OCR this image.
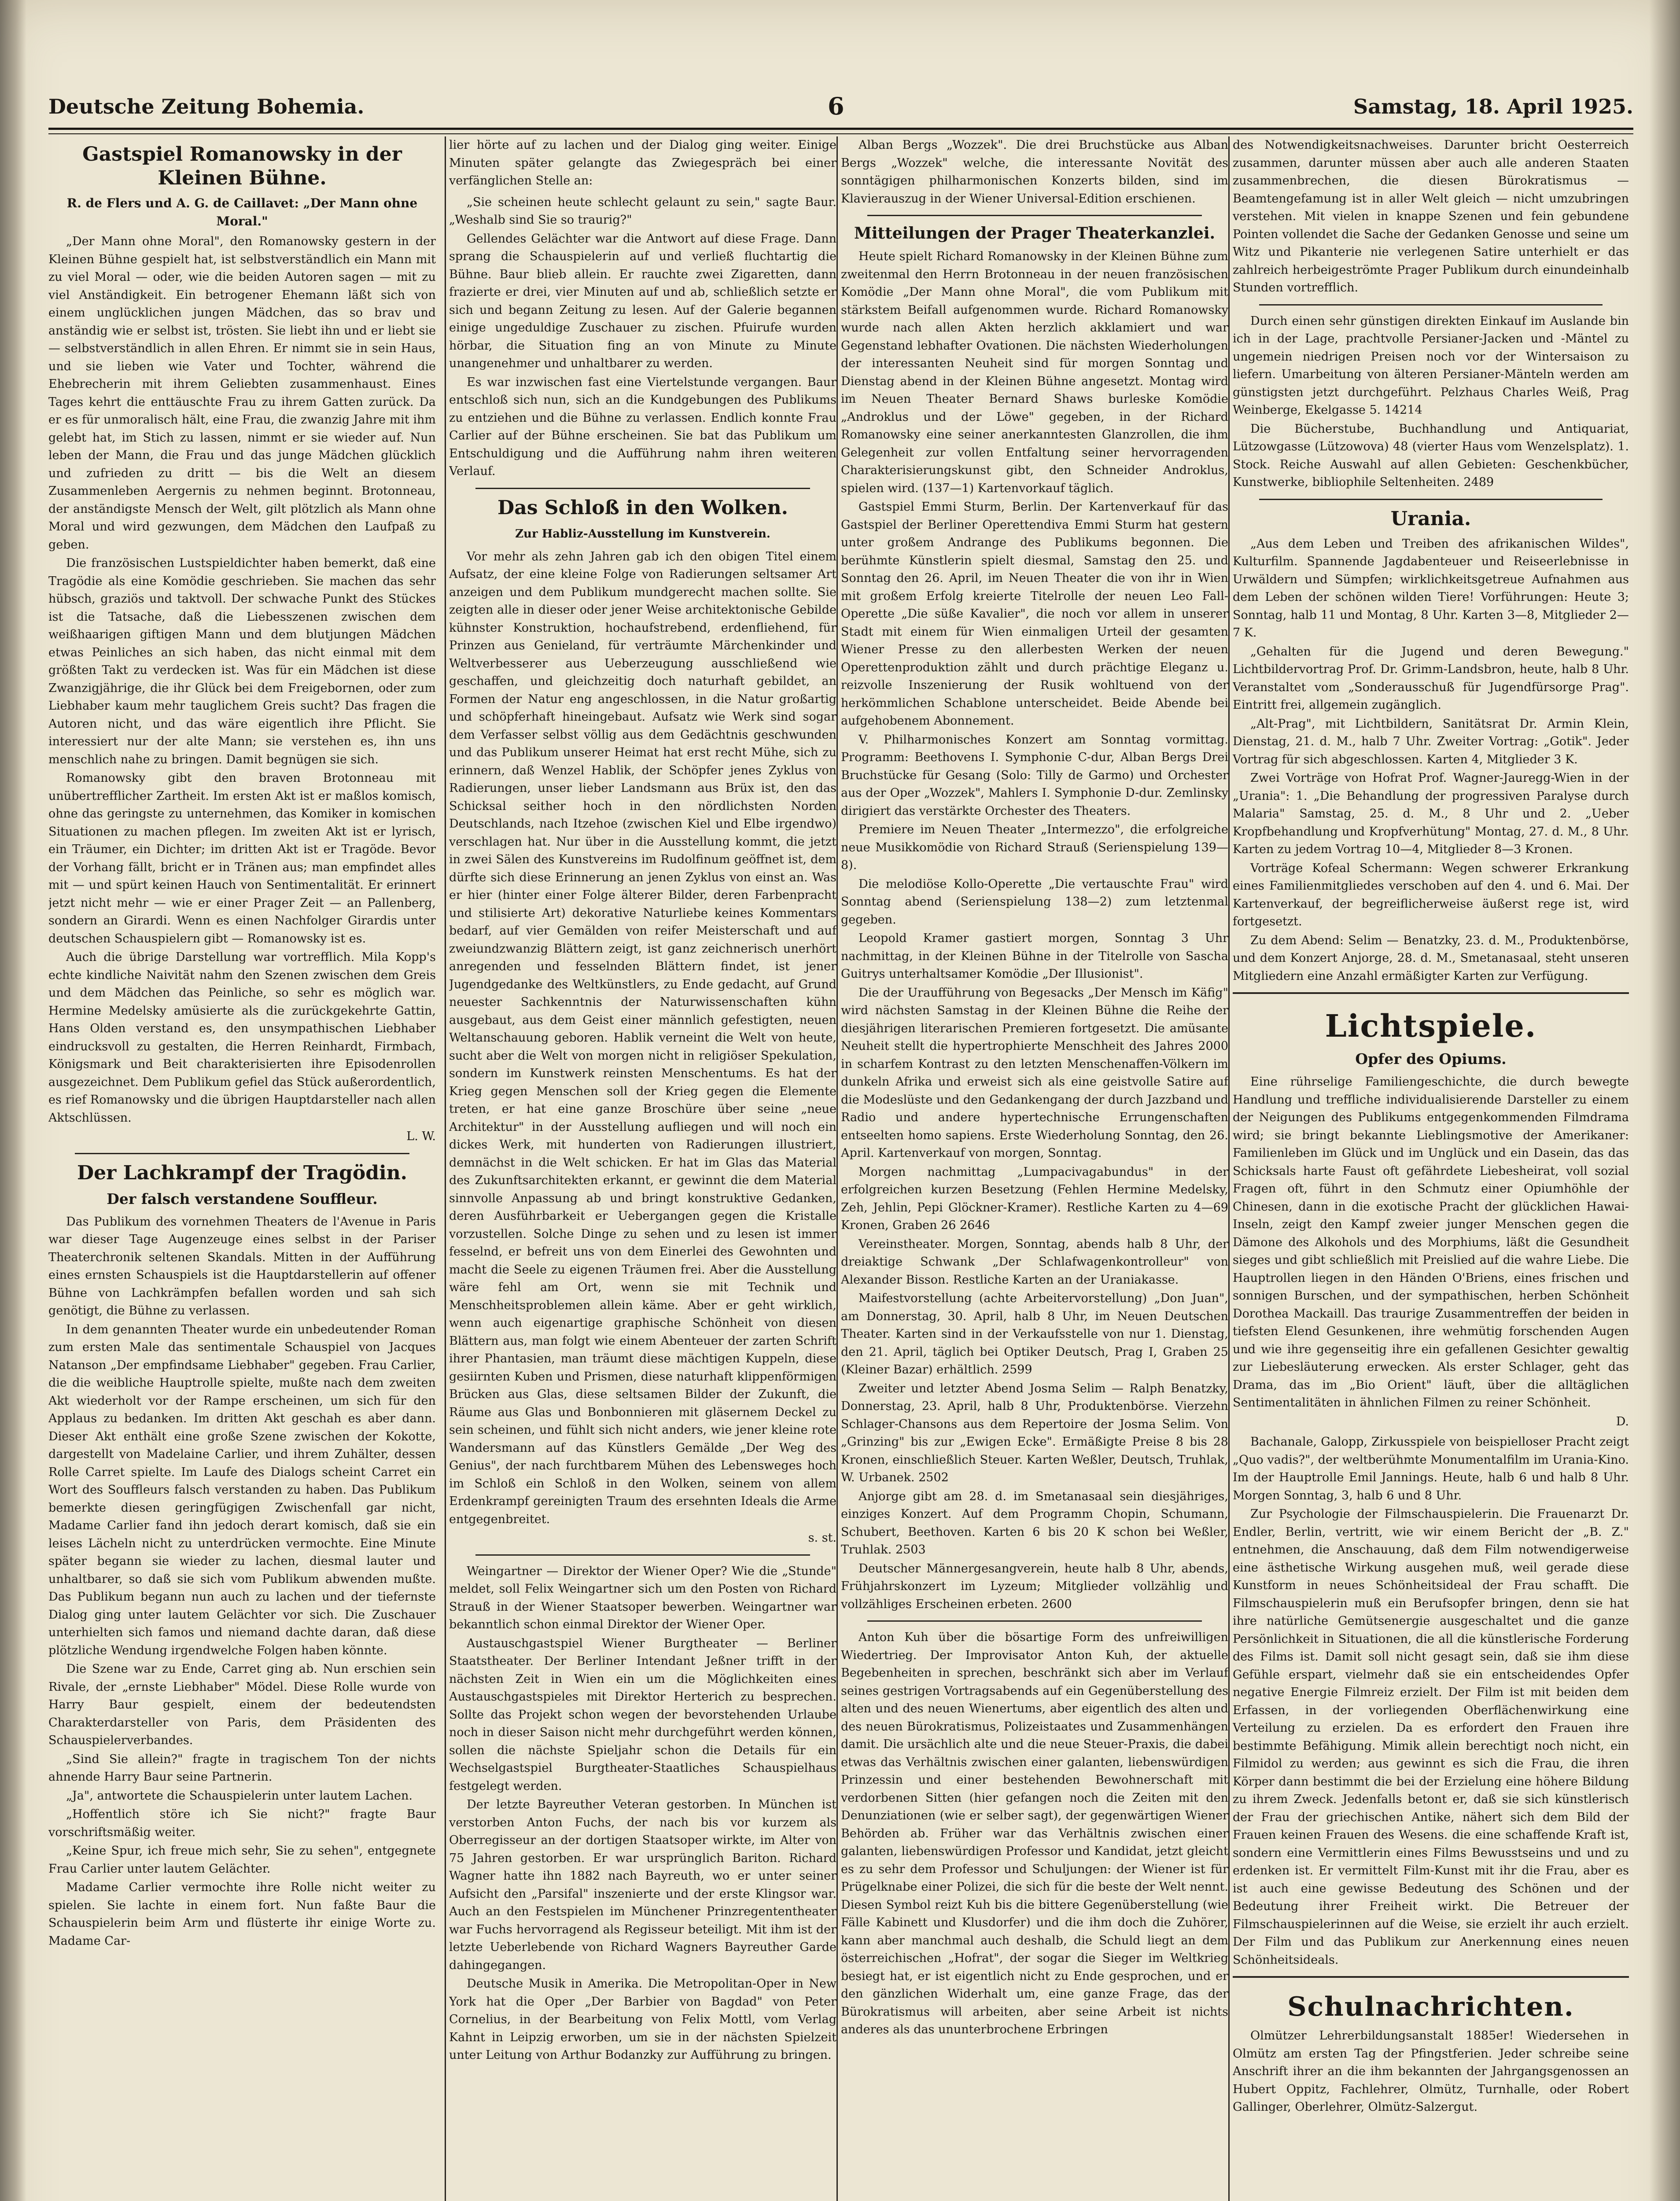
Deutsche Zeitung Bohemia.	6	Samstag, 18. April 1925.
Gastspiel Romanowsky in der Kleinen Bühne.
R. de Flers und A. G. de Caillavet: „Der Mann ohne Moral."

„Der Mann ohne Moral", den Romanowsky gestern in der Kleinen Bühne gespielt hat, ist selbstverständlich ein Mann mit zu viel Moral — oder, wie die beiden Autoren sagen — mit zu viel Anständigkeit. Ein betrogener Ehemann läßt sich von einem unglücklichen jungen Mädchen, das so brav und anständig wie er selbst ist, trösten. Sie liebt ihn und er liebt sie — selbstverständlich in allen Ehren. Er nimmt sie in sein Haus, und sie lieben wie Vater und Tochter, während die Ehebrecherin mit ihrem Geliebten zusammenhaust. Eines Tages kehrt die enttäuschte Frau zu ihrem Gatten zurück. Da er es für unmoralisch hält, eine Frau, die zwanzig Jahre mit ihm gelebt hat, im Stich zu lassen, nimmt er sie wieder auf. Nun leben der Mann, die Frau und das junge Mädchen glücklich und zufrieden zu dritt — bis die Welt an diesem Zusammenleben Aergernis zu nehmen beginnt. Brotonneau, der anständigste Mensch der Welt, gilt plötzlich als Mann ohne Moral und wird gezwungen, dem Mädchen den Laufpaß zu geben.

Die französischen Lustspieldichter haben bemerkt, daß eine Tragödie als eine Komödie geschrieben. Sie machen das sehr hübsch, graziös und taktvoll. Der schwache Punkt des Stückes ist die Tatsache, daß die Liebesszenen zwischen dem weißhaarigen giftigen Mann und dem blutjungen Mädchen etwas Peinliches an sich haben, das nicht einmal mit dem größten Takt zu verdecken ist. Was für ein Mädchen ist diese Zwanzigjährige, die ihr Glück bei dem Freigebornen, oder zum Liebhaber kaum mehr tauglichem Greis sucht? Das fragen die Autoren nicht, und das wäre eigentlich ihre Pflicht. Sie interessiert nur der alte Mann; sie verstehen es, ihn uns menschlich nahe zu bringen. Damit begnügen sie sich.

Romanowsky gibt den braven Brotonneau mit unübertrefflicher Zartheit. Im ersten Akt ist er maßlos komisch, ohne das geringste zu unternehmen, das Komiker in komischen Situationen zu machen pflegen. Im zweiten Akt ist er lyrisch, ein Träumer, ein Dichter; im dritten Akt ist er Tragöde. Bevor der Vorhang fällt, bricht er in Tränen aus; man empfindet alles mit — und spürt keinen Hauch von Sentimentalität. Er erinnert jetzt nicht mehr — wie er einer Prager Zeit — an Pallenberg, sondern an Girardi. Wenn es einen Nachfolger Girardis unter deutschen Schauspielern gibt — Romanowsky ist es.

Auch die übrige Darstellung war vortrefflich. Mila Kopp's echte kindliche Naivität nahm den Szenen zwischen dem Greis und dem Mädchen das Peinliche, so sehr es möglich war. Hermine Medelsky amüsierte als die zurückgekehrte Gattin, Hans Olden verstand es, den unsympathischen Liebhaber eindrucksvoll zu gestalten, die Herren Reinhardt, Firmbach, Königsmark und Beit charakterisierten ihre Episodenrollen ausgezeichnet. Dem Publikum gefiel das Stück außerordentlich, es rief Romanowsky und die übrigen Hauptdarsteller nach allen Aktschlüssen.

L. W.
Der Lachkrampf der Tragödin.
Der falsch verstandene Souffleur.

Das Publikum des vornehmen Theaters de l'Avenue in Paris war dieser Tage Augenzeuge eines selbst in der Pariser Theaterchronik seltenen Skandals. Mitten in der Aufführung eines ernsten Schauspiels ist die Hauptdarstellerin auf offener Bühne von Lachkrämpfen befallen worden und sah sich genötigt, die Bühne zu verlassen.

In dem genannten Theater wurde ein unbedeutender Roman zum ersten Male das sentimentale Schauspiel von Jacques Natanson „Der empfindsame Liebhaber" gegeben. Frau Carlier, die die weibliche Hauptrolle spielte, mußte nach dem zweiten Akt wiederholt vor der Rampe erscheinen, um sich für den Applaus zu bedanken. Im dritten Akt geschah es aber dann. Dieser Akt enthält eine große Szene zwischen der Kokotte, dargestellt von Madelaine Carlier, und ihrem Zuhälter, dessen Rolle Carret spielte. Im Laufe des Dialogs scheint Carret ein Wort des Souffleurs falsch verstanden zu haben. Das Publikum bemerkte diesen geringfügigen Zwischenfall gar nicht, Madame Carlier fand ihn jedoch derart komisch, daß sie ein leises Lächeln nicht zu unterdrücken vermochte. Eine Minute später begann sie wieder zu lachen, diesmal lauter und unhaltbarer, so daß sie sich vom Publikum abwenden mußte. Das Publikum begann nun auch zu lachen und der tiefernste Dialog ging unter lautem Gelächter vor sich. Die Zuschauer unterhielten sich famos und niemand dachte daran, daß diese plötzliche Wendung irgendwelche Folgen haben könnte.

Die Szene war zu Ende, Carret ging ab. Nun erschien sein Rivale, der „ernste Liebhaber" Mödel. Diese Rolle wurde von Harry Baur gespielt, einem der bedeutendsten Charakterdarsteller von Paris, dem Präsidenten des Schauspielerverbandes.

„Sind Sie allein?" fragte in tragischem Ton der nichts ahnende Harry Baur seine Partnerin.

„Ja", antwortete die Schauspielerin unter lautem Lachen.

„Hoffentlich störe ich Sie nicht?" fragte Baur vorschriftsmäßig weiter.

„Keine Spur, ich freue mich sehr, Sie zu sehen", entgegnete Frau Carlier unter lautem Gelächter.

Madame Carlier vermochte ihre Rolle nicht weiter zu spielen. Sie lachte in einem fort. Nun faßte Baur die Schauspielerin beim Arm und flüsterte ihr einige Worte zu. Madame Car-

lier hörte auf zu lachen und der Dialog ging weiter. Einige Minuten später gelangte das Zwiegespräch bei einer verfänglichen Stelle an:

„Sie scheinen heute schlecht gelaunt zu sein," sagte Baur. „Weshalb sind Sie so traurig?"

Gellendes Gelächter war die Antwort auf diese Frage. Dann sprang die Schauspielerin auf und verließ fluchtartig die Bühne. Baur blieb allein. Er rauchte zwei Zigaretten, dann frazierte er drei, vier Minuten auf und ab, schließlich setzte er sich und begann Zeitung zu lesen. Auf der Galerie begannen einige ungeduldige Zuschauer zu zischen. Pfuirufe wurden hörbar, die Situation fing an von Minute zu Minute unangenehmer und unhaltbarer zu werden.

Es war inzwischen fast eine Viertelstunde vergangen. Baur entschloß sich nun, sich an die Kundgebungen des Publikums zu entziehen und die Bühne zu verlassen. Endlich konnte Frau Carlier auf der Bühne erscheinen. Sie bat das Publikum um Entschuldigung und die Aufführung nahm ihren weiteren Verlauf.

Das Schloß in den Wolken.
Zur Habliz-Ausstellung im Kunstverein.

Vor mehr als zehn Jahren gab ich den obigen Titel einem Aufsatz, der eine kleine Folge von Radierungen seltsamer Art anzeigen und dem Publikum mundgerecht machen sollte. Sie zeigten alle in dieser oder jener Weise architektonische Gebilde kühnster Konstruktion, hochaufstrebend, erdenfliehend, für Prinzen aus Genieland, für verträumte Märchenkinder und Weltverbesserer aus Ueberzeugung ausschließend wie geschaffen, und gleichzeitig doch naturhaft gebildet, an Formen der Natur eng angeschlossen, in die Natur großartig und schöpferhaft hineingebaut. Aufsatz wie Werk sind sogar dem Verfasser selbst völlig aus dem Gedächtnis geschwunden und das Publikum unserer Heimat hat erst recht Mühe, sich zu erinnern, daß Wenzel Hablik, der Schöpfer jenes Zyklus von Radierungen, unser lieber Landsmann aus Brüx ist, den das Schicksal seither hoch in den nördlichsten Norden Deutschlands, nach Itzehoe (zwischen Kiel und Elbe irgendwo) verschlagen hat. Nur über in die Ausstellung kommt, die jetzt in zwei Sälen des Kunstvereins im Rudolfinum geöffnet ist, dem dürfte sich diese Erinnerung an jenen Zyklus von einst an. Was er hier (hinter einer Folge älterer Bilder, deren Farbenpracht und stilisierte Art) dekorative Naturliebe keines Kommentars bedarf, auf vier Gemälden von reifer Meisterschaft und auf zweiundzwanzig Blättern zeigt, ist ganz zeichnerisch unerhört anregenden und fesselnden Blättern findet, ist jener Jugendgedanke des Weltkünstlers, zu Ende gedacht, auf Grund neuester Sachkenntnis der Naturwissenschaften kühn ausgebaut, aus dem Geist einer männlich gefestigten, neuen Weltanschauung geboren. Hablik verneint die Welt von heute, sucht aber die Welt von morgen nicht in religiöser Spekulation, sondern im Kunstwerk reinsten Menschentums. Es hat der Krieg gegen Menschen soll der Krieg gegen die Elemente treten, er hat eine ganze Broschüre über seine „neue Architektur" in der Ausstellung aufliegen und will noch ein dickes Werk, mit hunderten von Radierungen illustriert, demnächst in die Welt schicken. Er hat im Glas das Material des Zukunftsarchitekten erkannt, er gewinnt die dem Material sinnvolle Anpassung ab und bringt konstruktive Gedanken, deren Ausführbarkeit er Uebergangen gegen die Kristalle vorzustellen. Solche Dinge zu sehen und zu lesen ist immer fesselnd, er befreit uns von dem Einerlei des Gewohnten und macht die Seele zu eigenen Träumen frei. Aber die Ausstellung wäre fehl am Ort, wenn sie mit Technik und Menschheitsproblemen allein käme. Aber er geht wirklich, wenn auch eigenartige graphische Schönheit von diesen Blättern aus, man folgt wie einem Abenteuer der zarten Schrift ihrer Phantasien, man träumt diese mächtigen Kuppeln, diese gesiirnten Kuben und Prismen, diese naturhaft klippenförmigen Brücken aus Glas, diese seltsamen Bilder der Zukunft, die Räume aus Glas und Bonbonnieren mit gläsernem Deckel zu sein scheinen, und fühlt sich nicht anders, wie jener kleine rote Wandersmann auf das Künstlers Gemälde „Der Weg des Genius", der nach furchtbarem Mühen des Lebensweges hoch im Schloß ein Schloß in den Wolken, seinem von allem Erdenkrampf gereinigten Traum des ersehnten Ideals die Arme entgegenbreitet.

s. st.

Weingartner — Direktor der Wiener Oper? Wie die „Stunde" meldet, soll Felix Weingartner sich um den Posten von Richard Strauß in der Wiener Staatsoper bewerben. Weingartner war bekanntlich schon einmal Direktor der Wiener Oper.

Austauschgastspiel Wiener Burgtheater — Berliner Staatstheater. Der Berliner Intendant Jeßner trifft in der nächsten Zeit in Wien ein um die Möglichkeiten eines Austauschgastspieles mit Direktor Herterich zu besprechen. Sollte das Projekt schon wegen der bevorstehenden Urlaube noch in dieser Saison nicht mehr durchgeführt werden können, sollen die nächste Spieljahr schon die Details für ein Wechselgastspiel Burgtheater-Staatliches Schauspielhaus festgelegt werden.

Der letzte Bayreuther Veteran gestorben. In München ist verstorben Anton Fuchs, der nach bis vor kurzem als Oberregisseur an der dortigen Staatsoper wirkte, im Alter von 75 Jahren gestorben. Er war ursprünglich Bariton. Richard Wagner hatte ihn 1882 nach Bayreuth, wo er unter seiner Aufsicht den „Parsifal" inszenierte und der erste Klingsor war. Auch an den Festspielen im Münchener Prinzregententheater war Fuchs hervorragend als Regisseur beteiligt. Mit ihm ist der letzte Ueberlebende von Richard Wagners Bayreuther Garde dahingegangen.

Deutsche Musik in Amerika. Die Metropolitan-Oper in New York hat die Oper „Der Barbier von Bagdad" von Peter Cornelius, in der Bearbeitung von Felix Mottl, vom Verlag Kahnt in Leipzig erworben, um sie in der nächsten Spielzeit unter Leitung von Arthur Bodanzky zur Aufführung zu bringen.

Alban Bergs „Wozzek". Die drei Bruchstücke aus Alban Bergs „Wozzek" welche, die interessante Novität des sonntägigen philharmonischen Konzerts bilden, sind im Klavierauszug in der Wiener Universal-Edition erschienen.

Mitteilungen der Prager Theaterkanzlei.

Heute spielt Richard Romanowsky in der Kleinen Bühne zum zweitenmal den Herrn Brotonneau in der neuen französischen Komödie „Der Mann ohne Moral", die vom Publikum mit stärkstem Beifall aufgenommen wurde. Richard Romanowsky wurde nach allen Akten herzlich akklamiert und war Gegenstand lebhafter Ovationen. Die nächsten Wiederholungen der interessanten Neuheit sind für morgen Sonntag und Dienstag abend in der Kleinen Bühne angesetzt. Montag wird im Neuen Theater Bernard Shaws burleske Komödie „Androklus und der Löwe" gegeben, in der Richard Romanowsky eine seiner anerkanntesten Glanzrollen, die ihm Gelegenheit zur vollen Entfaltung seiner hervorragenden Charakterisierungskunst gibt, den Schneider Androklus, spielen wird. (137—1) Kartenvorkauf täglich.

Gastspiel Emmi Sturm, Berlin. Der Kartenverkauf für das Gastspiel der Berliner Operettendiva Emmi Sturm hat gestern unter großem Andrange des Publikums begonnen. Die berühmte Künstlerin spielt diesmal, Samstag den 25. und Sonntag den 26. April, im Neuen Theater die von ihr in Wien mit großem Erfolg kreierte Titelrolle der neuen Leo Fall-Operette „Die süße Kavalier", die noch vor allem in unserer Stadt mit einem für Wien einmaligen Urteil der gesamten Wiener Presse zu den allerbesten Werken der neuen Operettenproduktion zählt und durch prächtige Eleganz u. reizvolle Inszenierung der Rusik wohltuend von der herkömmlichen Schablone unterscheidet. Beide Abende bei aufgehobenem Abonnement.

V. Philharmonisches Konzert am Sonntag vormittag. Programm: Beethovens I. Symphonie C-dur, Alban Bergs Drei Bruchstücke für Gesang (Solo: Tilly de Garmo) und Orchester aus der Oper „Wozzek", Mahlers I. Symphonie D-dur. Zemlinsky dirigiert das verstärkte Orchester des Theaters.

Premiere im Neuen Theater „Intermezzo", die erfolgreiche neue Musikkomödie von Richard Strauß (Serienspielung 139—8).

Die melodiöse Kollo-Operette „Die vertauschte Frau" wird Sonntag abend (Serienspielung 138—2) zum letztenmal gegeben.

Leopold Kramer gastiert morgen, Sonntag 3 Uhr nachmittag, in der Kleinen Bühne in der Titelrolle von Sascha Guitrys unterhaltsamer Komödie „Der Illusionist".

Die der Uraufführung von Begesacks „Der Mensch im Käfig" wird nächsten Samstag in der Kleinen Bühne die Reihe der diesjährigen literarischen Premieren fortgesetzt. Die amüsante Neuheit stellt die hypertrophierte Menschheit des Jahres 2000 in scharfem Kontrast zu den letzten Menschenaffen-Völkern im dunkeln Afrika und erweist sich als eine geistvolle Satire auf die Modeslüste und den Gedankengang der durch Jazzband und Radio und andere hypertechnische Errungenschaften entseelten homo sapiens. Erste Wiederholung Sonntag, den 26. April. Kartenverkauf von morgen, Sonntag.

Morgen nachmittag „Lumpacivagabundus" in der erfolgreichen kurzen Besetzung (Fehlen Hermine Medelsky, Zeh, Jehlin, Pepi Glöckner-Kramer). Restliche Karten zu 4—69 Kronen, Graben 26 2646

Vereinstheater. Morgen, Sonntag, abends halb 8 Uhr, der dreiaktige Schwank „Der Schlafwagenkontrolleur" von Alexander Bisson. Restliche Karten an der Uraniakasse.

Maifestvorstellung (achte Arbeitervorstellung) „Don Juan", am Donnerstag, 30. April, halb 8 Uhr, im Neuen Deutschen Theater. Karten sind in der Verkaufsstelle von nur 1. Dienstag, den 21. April, täglich bei Optiker Deutsch, Prag I, Graben 25 (Kleiner Bazar) erhältlich. 2599

Zweiter und letzter Abend Josma Selim — Ralph Benatzky, Donnerstag, 23. April, halb 8 Uhr, Produktenbörse. Vierzehn Schlager-Chansons aus dem Repertoire der Josma Selim. Von „Grinzing" bis zur „Ewigen Ecke". Ermäßigte Preise 8 bis 28 Kronen, einschließlich Steuer. Karten Weßler, Deutsch, Truhlak, W. Urbanek. 2502

Anjorge gibt am 28. d. im Smetanasaal sein diesjähriges, einziges Konzert. Auf dem Programm Chopin, Schumann, Schubert, Beethoven. Karten 6 bis 20 K schon bei Weßler, Truhlak. 2503

Deutscher Männergesangverein, heute halb 8 Uhr, abends, Frühjahrskonzert im Lyzeum; Mitglieder vollzählig und vollzähliges Erscheinen erbeten. 2600

Anton Kuh über die bösartige Form des unfreiwilligen Wiedertrieg. Der Improvisator Anton Kuh, der aktuelle Begebenheiten in sprechen, beschränkt sich aber im Verlauf seines gestrigen Vortragsabends auf ein Gegenüberstellung des alten und des neuen Wienertums, aber eigentlich des alten und des neuen Bürokratismus, Polizeistaates und Zusammenhängen damit. Die ursächlich alte und die neue Steuer-Praxis, die dabei etwas das Verhältnis zwischen einer galanten, liebenswürdigen Prinzessin und einer bestehenden Bewohnerschaft mit verdorbenen Sitten (hier gefangen noch die Zeiten mit den Denunziationen (wie er selber sagt), der gegenwärtigen Wiener Behörden ab. Früher war das Verhältnis zwischen einer galanten, liebenswürdigen Professor und Kandidat, jetzt gleicht es zu sehr dem Professor und Schuljungen: der Wiener ist für Prügelknabe einer Polizei, die sich für die beste der Welt nennt. Diesen Symbol reizt Kuh bis die bittere Gegenüberstellung (wie Fälle Kabinett und Klusdorfer) und die ihm doch die Zuhörer, kann aber manchmal auch deshalb, die Schuld liegt an dem österreichischen „Hofrat", der sogar die Sieger im Weltkrieg besiegt hat, er ist eigentlich nicht zu Ende gesprochen, und er den gänzlichen Widerhalt um, eine ganze Frage, das der Bürokratismus will arbeiten, aber seine Arbeit ist nichts anderes als das ununterbrochene Erbringen

des Notwendigkeitsnachweises. Darunter bricht Oesterreich zusammen, darunter müssen aber auch alle anderen Staaten zusammenbrechen, die diesen Bürokratismus — Beamtengefamung ist in aller Welt gleich — nicht umzubringen verstehen. Mit vielen in knappe Szenen und fein gebundene Pointen vollendet die Sache der Gedanken Genosse und seine um Witz und Pikanterie nie verlegenen Satire unterhielt er das zahlreich herbeigeströmte Prager Publikum durch einundeinhalb Stunden vortrefflich.

Durch einen sehr günstigen direkten Einkauf im Auslande bin ich in der Lage, prachtvolle Persianer-Jacken und -Mäntel zu ungemein niedrigen Preisen noch vor der Wintersaison zu liefern. Umarbeitung von älteren Persianer-Mänteln werden am günstigsten jetzt durchgeführt. Pelzhaus Charles Weiß, Prag Weinberge, Ekelgasse 5. 14214

Die Bücherstube, Buchhandlung und Antiquariat, Lützowgasse (Lützowova) 48 (vierter Haus vom Wenzelsplatz). 1. Stock. Reiche Auswahl auf allen Gebieten: Geschenkbücher, Kunstwerke, bibliophile Seltenheiten. 2489

Urania.

„Aus dem Leben und Treiben des afrikanischen Wildes", Kulturfilm. Spannende Jagdabenteuer und Reiseerlebnisse in Urwäldern und Sümpfen; wirklichkeitsgetreue Aufnahmen aus dem Leben der schönen wilden Tiere! Vorführungen: Heute 3; Sonntag, halb 11 und Montag, 8 Uhr. Karten 3—8, Mitglieder 2—7 K.

„Gehalten für die Jugend und deren Bewegung." Lichtbildervortrag Prof. Dr. Grimm-Landsbron, heute, halb 8 Uhr. Veranstaltet vom „Sonderausschuß für Jugendfürsorge Prag". Eintritt frei, allgemein zugänglich.

„Alt-Prag", mit Lichtbildern, Sanitätsrat Dr. Armin Klein, Dienstag, 21. d. M., halb 7 Uhr. Zweiter Vortrag: „Gotik". Jeder Vortrag für sich abgeschlossen. Karten 4, Mitglieder 3 K.

Zwei Vorträge von Hofrat Prof. Wagner-Jauregg-Wien in der „Urania": 1. „Die Behandlung der progressiven Paralyse durch Malaria" Samstag, 25. d. M., 8 Uhr und 2. „Ueber Kropfbehandlung und Kropfverhütung" Montag, 27. d. M., 8 Uhr. Karten zu jedem Vortrag 10—4, Mitglieder 8—3 Kronen.

Vorträge Kofeal Schermann: Wegen schwerer Erkrankung eines Familienmitgliedes verschoben auf den 4. und 6. Mai. Der Kartenverkauf, der begreiflicherweise äußerst rege ist, wird fortgesetzt.

Zu dem Abend: Selim — Benatzky, 23. d. M., Produktenbörse, und dem Konzert Anjorge, 28. d. M., Smetanasaal, steht unseren Mitgliedern eine Anzahl ermäßigter Karten zur Verfügung.

Lichtspiele.
Opfer des Opiums.

Eine rührselige Familiengeschichte, die durch bewegte Handlung und treffliche individualisierende Darsteller zu einem der Neigungen des Publikums entgegenkommenden Filmdrama wird; sie bringt bekannte Lieblingsmotive der Amerikaner: Familienleben im Glück und im Unglück und ein Dasein, das das Schicksals harte Faust oft gefährdete Liebesheirat, voll sozial Fragen oft, führt in den Schmutz einer Opiumhöhle der Chinesen, dann in die exotische Pracht der glücklichen Hawai-Inseln, zeigt den Kampf zweier junger Menschen gegen die Dämone des Alkohols und des Morphiums, läßt die Gesundheit sieges und gibt schließlich mit Preislied auf die wahre Liebe. Die Hauptrollen liegen in den Händen O'Briens, eines frischen und sonnigen Burschen, und der sympathischen, herben Schönheit Dorothea Mackaill. Das traurige Zusammentreffen der beiden in tiefsten Elend Gesunkenen, ihre wehmütig forschenden Augen und wie ihre gegenseitig ihre ein gefallenen Gesichter gewaltig zur Liebesläuterung erwecken. Als erster Schlager, geht das Drama, das im „Bio Orient" läuft, über die alltäglichen Sentimentalitäten in ähnlichen Filmen zu reiner Schönheit.

D.

Bachanale, Galopp, Zirkusspiele von beispielloser Pracht zeigt „Quo vadis?", der weltberühmte Monumentalfilm im Urania-Kino. Im der Hauptrolle Emil Jannings. Heute, halb 6 und halb 8 Uhr. Morgen Sonntag, 3, halb 6 und 8 Uhr.

Zur Psychologie der Filmschauspielerin. Die Frauenarzt Dr. Endler, Berlin, vertritt, wie wir einem Bericht der „B. Z." entnehmen, die Anschauung, daß dem Film notwendigerweise eine ästhetische Wirkung ausgehen muß, weil gerade diese Kunstform in neues Schönheitsideal der Frau schafft. Die Filmschauspielerin muß ein Berufsopfer bringen, denn sie hat ihre natürliche Gemütsenergie ausgeschaltet und die ganze Persönlichkeit in Situationen, die all die künstlerische Forderung des Films ist. Damit soll nicht gesagt sein, daß sie ihm diese Gefühle erspart, vielmehr daß sie ein entscheidendes Opfer negative Energie Filmreiz erzielt. Der Film ist mit beiden dem Erfassen, in der vorliegenden Oberflächenwirkung eine Verteilung zu erzielen. Da es erfordert den Frauen ihre bestimmte Befähigung. Mimik allein berechtigt noch nicht, ein Filmidol zu werden; aus gewinnt es sich die Frau, die ihren Körper dann bestimmt die bei der Erzielung eine höhere Bildung zu ihrem Zweck. Jedenfalls betont er, daß sie sich künstlerisch der Frau der griechischen Antike, nähert sich dem Bild der Frauen keinen Frauen des Wesens. die eine schaffende Kraft ist, sondern eine Vermittlerin eines Films Bewusstseins und und zu erdenken ist. Er vermittelt Film-Kunst mit ihr die Frau, aber es ist auch eine gewisse Bedeutung des Schönen und der Bedeutung ihrer Freiheit wirkt. Die Betreuer der Filmschauspielerinnen auf die Weise, sie erzielt ihr auch erzielt. Der Film und das Publikum zur Anerkennung eines neuen Schönheitsideals.

Schulnachrichten.

Olmützer Lehrerbildungsanstalt 1885er! Wiedersehen in Olmütz am ersten Tag der Pfingstferien. Jeder schreibe seine Anschrift ihrer an die ihm bekannten der Jahrgangsgenossen an Hubert Oppitz, Fachlehrer, Olmütz, Turnhalle, oder Robert Gallinger, Oberlehrer, Olmütz-Salzergut.
